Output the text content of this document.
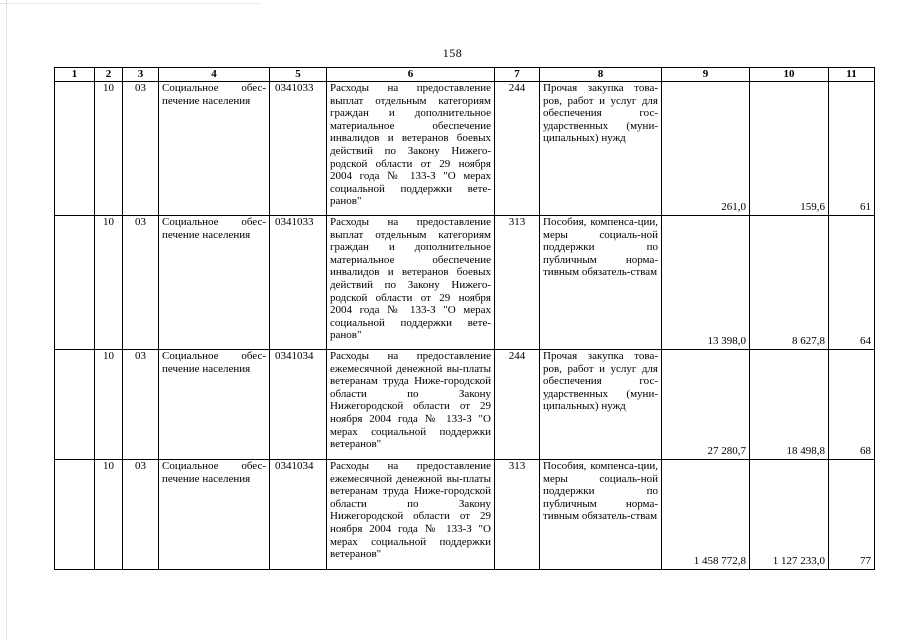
158
1	2	3	4	5	6	7	8	9	10	11
	10	03	Социальное обес-печение населения	0341033	Расходы на предоставление выплат отдельным категориям граждан и дополнительное материальное обеспечение инвалидов и ветеранов боевых действий по Закону Нижего-родской области от 29 ноября 2004 года № 133-З "О мерах социальной поддержки вете-ранов"	244	Прочая закупка това-ров, работ и услуг для обеспечения гос-ударственных (муни-ципальных) нужд	261,0	159,6	61
	10	03	Социальное обес-печение населения	0341033	Расходы на предоставление выплат отдельным категориям граждан и дополнительное материальное обеспечение инвалидов и ветеранов боевых действий по Закону Нижего-родской области от 29 ноября 2004 года № 133-З "О мерах социальной поддержки вете-ранов"	313	Пособия, компенса-ции, меры социаль-ной поддержки по публичным норма-тивным обязатель-ствам	13 398,0	8 627,8	64
	10	03	Социальное обес-печение населения	0341034	Расходы на предоставление ежемесячной денежной вы-платы ветеранам труда Ниже-городской области по Закону Нижегородской области от 29 ноября 2004 года № 133-З "О мерах социальной поддержки ветеранов"	244	Прочая закупка това-ров, работ и услуг для обеспечения гос-ударственных (муни-ципальных) нужд	27 280,7	18 498,8	68
	10	03	Социальное обес-печение населения	0341034	Расходы на предоставление ежемесячной денежной вы-платы ветеранам труда Ниже-городской области по Закону Нижегородской области от 29 ноября 2004 года № 133-З "О мерах социальной поддержки ветеранов"	313	Пособия, компенса-ции, меры социаль-ной поддержки по публичным норма-тивным обязатель-ствам	1 458 772,8	1 127 233,0	77
